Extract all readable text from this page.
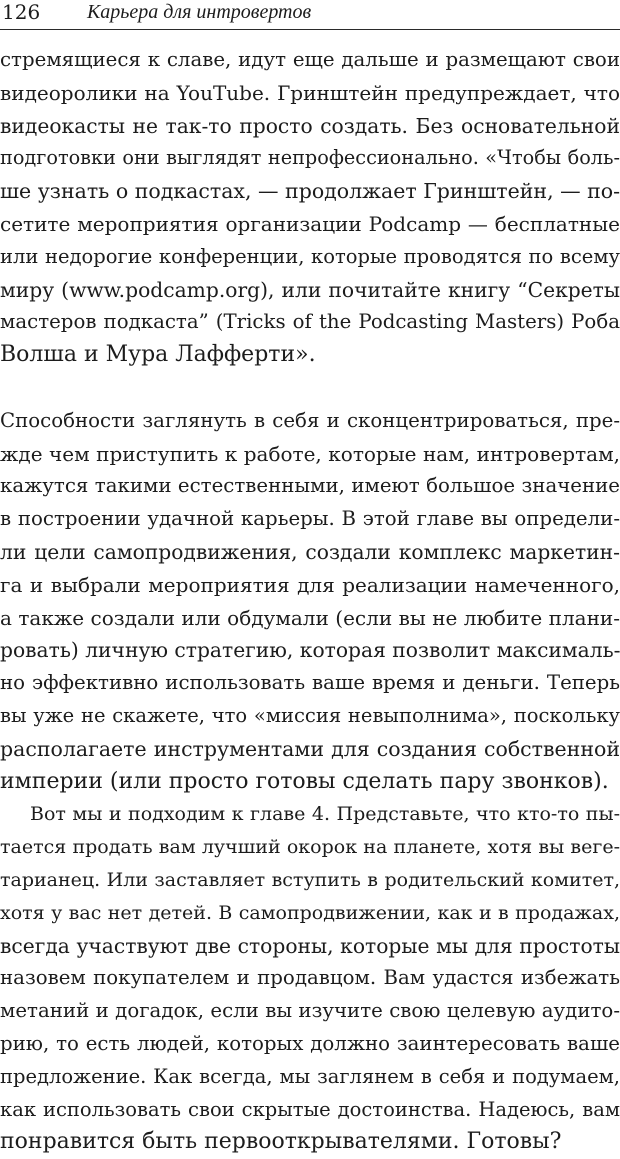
126 Карьера для интровертов
стремящиеся к славе, идут еще дальше и размещают свои
видеоролики на YouTube. Гринштейн предупреждает, что
видеокасты не так-то просто создать. Без основательной
подготовки они выглядят непрофессионально. «Чтобы боль-
ше узнать о подкастах, — продолжает Гринштейн, — по-
сетите мероприятия организации Podcamp — бесплатные
или недорогие конференции, которые проводятся по всему
миру (www.podcamp.org), или почитайте книгу “Секреты
мастеров подкаста” (Tricks of the Podcasting Masters) Роба
Волша и Мура Лафферти».
Способности заглянуть в себя и сконцентрироваться, пре-
жде чем приступить к работе, которые нам, интровертам,
кажутся такими естественными, имеют большое значение
в построении удачной карьеры. В этой главе вы определи-
ли цели самопродвижения, создали комплекс маркетин-
га и выбрали мероприятия для реализации намеченного,
а также создали или обдумали (если вы не любите плани-
ровать) личную стратегию, которая позволит максималь-
но эффективно использовать ваше время и деньги. Теперь
вы уже не скажете, что «миссия невыполнима», поскольку
располагаете инструментами для создания собственной
империи (или просто готовы сделать пару звонков).
Вот мы и подходим к главе 4. Представьте, что кто-то пы-
тается продать вам лучший окорок на планете, хотя вы веге-
тарианец. Или заставляет вступить в родительский комитет,
хотя у вас нет детей. В самопродвижении, как и в продажах,
всегда участвуют две стороны, которые мы для простоты
назовем покупателем и продавцом. Вам удастся избежать
метаний и догадок, если вы изучите свою целевую аудито-
рию, то есть людей, которых должно заинтересовать ваше
предложение. Как всегда, мы заглянем в себя и подумаем,
как использовать свои скрытые достоинства. Надеюсь, вам
понравится быть первооткрывателями. Готовы?
